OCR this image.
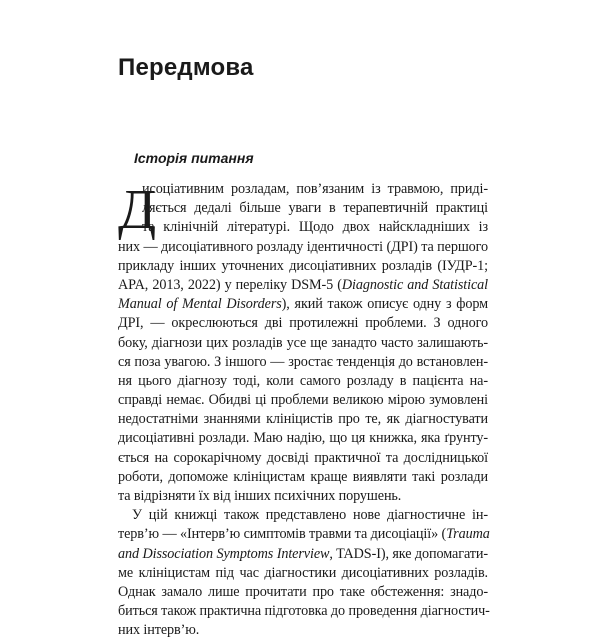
Передмова
Історія питання
Д
исоціативним розладам, пов’язаним із травмою, приді-
ляється дедалі більше уваги в терапевтичній практиці
та клінічній літературі. Щодо двох найскладніших із
них — дисоціативного розладу ідентичності (ДРІ) та першого
прикладу інших уточнених дисоціативних розладів (ІУДР-1;
APA, 2013, 2022) у переліку DSM-5 (Diagnostic and Statistical
Manual of Mental Disorders), який також описує одну з форм
ДРІ, — окреслюються дві протилежні проблеми. З одного
боку, діагнози цих розладів усе ще занадто часто залишають-
ся поза увагою. З іншого — зростає тенденція до встановлен-
ня цього діагнозу тоді, коли самого розладу в пацієнта на-
справді немає. Обидві ці проблеми великою мірою зумовлені
недостатніми знаннями клініцистів про те, як діагностувати
дисоціативні розлади. Маю надію, що ця книжка, яка ґрунту-
ється на сорокарічному досвіді практичної та дослідницької
роботи, допоможе клініцистам краще виявляти такі розлади
та відрізняти їх від інших психічних порушень.
У цій книжці також представлено нове діагностичне ін-
терв’ю — «Інтерв’ю симптомів травми та дисоціації» (Trauma
and Dissociation Symptoms Interview, TADS-I), яке допомагати-
ме клініцистам під час діагностики дисоціативних розладів.
Однак замало лише прочитати про таке обстеження: знадо-
биться також практична підготовка до проведення діагностич-
них інтерв’ю.
